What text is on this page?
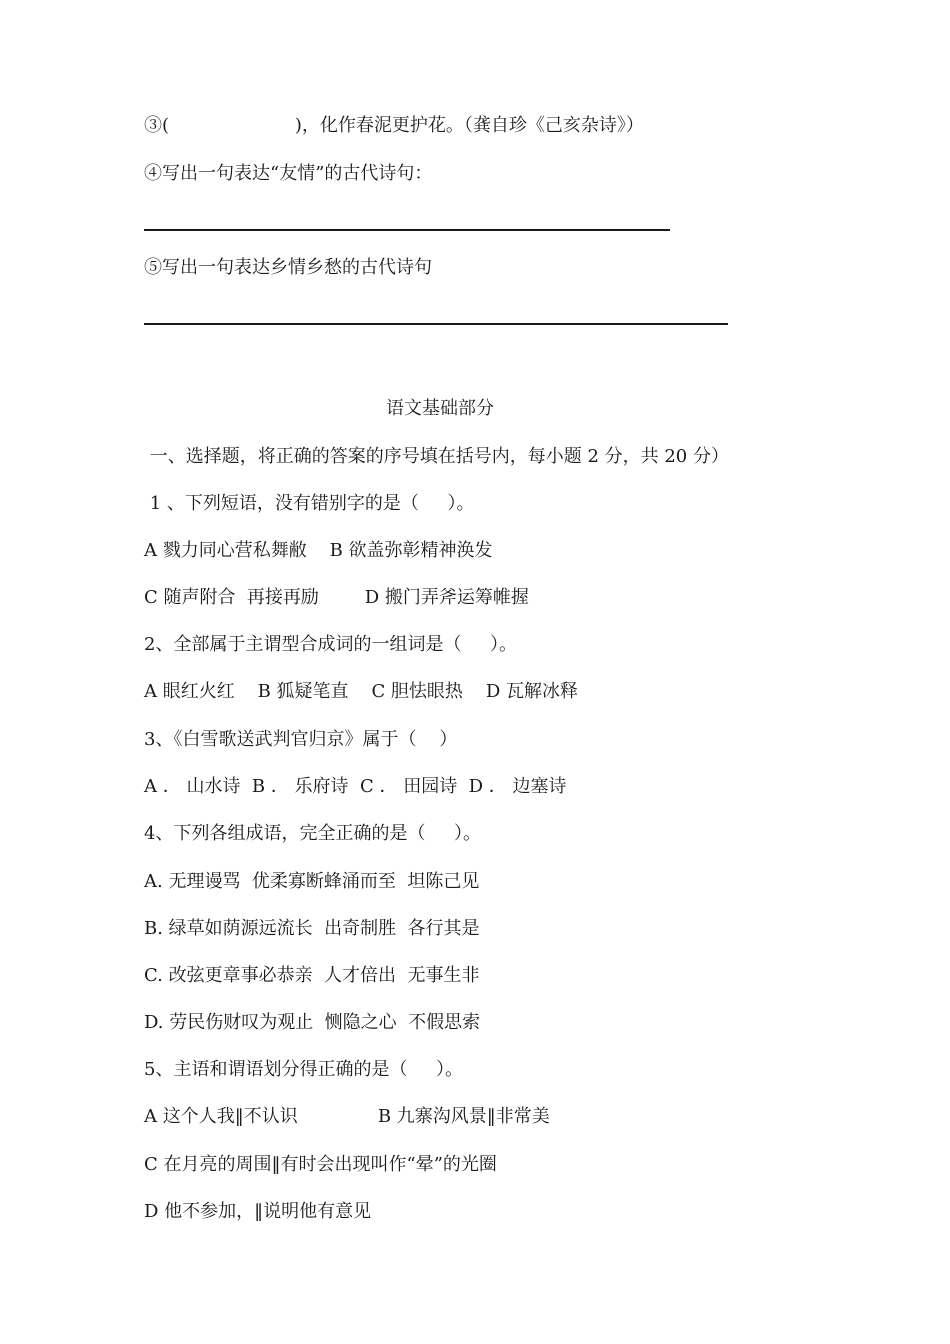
③(                      )，化作春泥更护花。（龚自珍《己亥杂诗》）
④写出一句表达“友情”的古代诗句：
⑤写出一句表达乡情乡愁的古代诗句
语文基础部分
一、选择题，将正确的答案的序号填在括号内，每小题 2 分，共 20 分）
1 、下列短语，没有错别字的是（     ）。
A 戮力同心营私舞敝    B 欲盖弥彰精神涣发
C 随声附合  再接再励        D 搬门弄斧运筹帷握
2、全部属于主谓型合成词的一组词是（     ）。
A 眼红火红    B 狐疑笔直    C 胆怯眼热    D 瓦解冰释
3、《白雪歌送武判官归京》属于（    ）
A ． 山水诗  B ． 乐府诗  C ． 田园诗  D ． 边塞诗
4、下列各组成语，完全正确的是（     ）。
A. 无理谩骂  优柔寡断蜂涌而至  坦陈己见
B. 绿草如荫源远流长  出奇制胜  各行其是
C. 改弦更章事必恭亲  人才倍出  无事生非
D. 劳民伤财叹为观止  恻隐之心  不假思索
5、主语和谓语划分得正确的是（     ）。
A 这个人我‖不认识              B 九寨沟风景‖非常美
C 在月亮的周围‖有时会出现叫作“晕”的光圈
D 他不参加，‖说明他有意见
